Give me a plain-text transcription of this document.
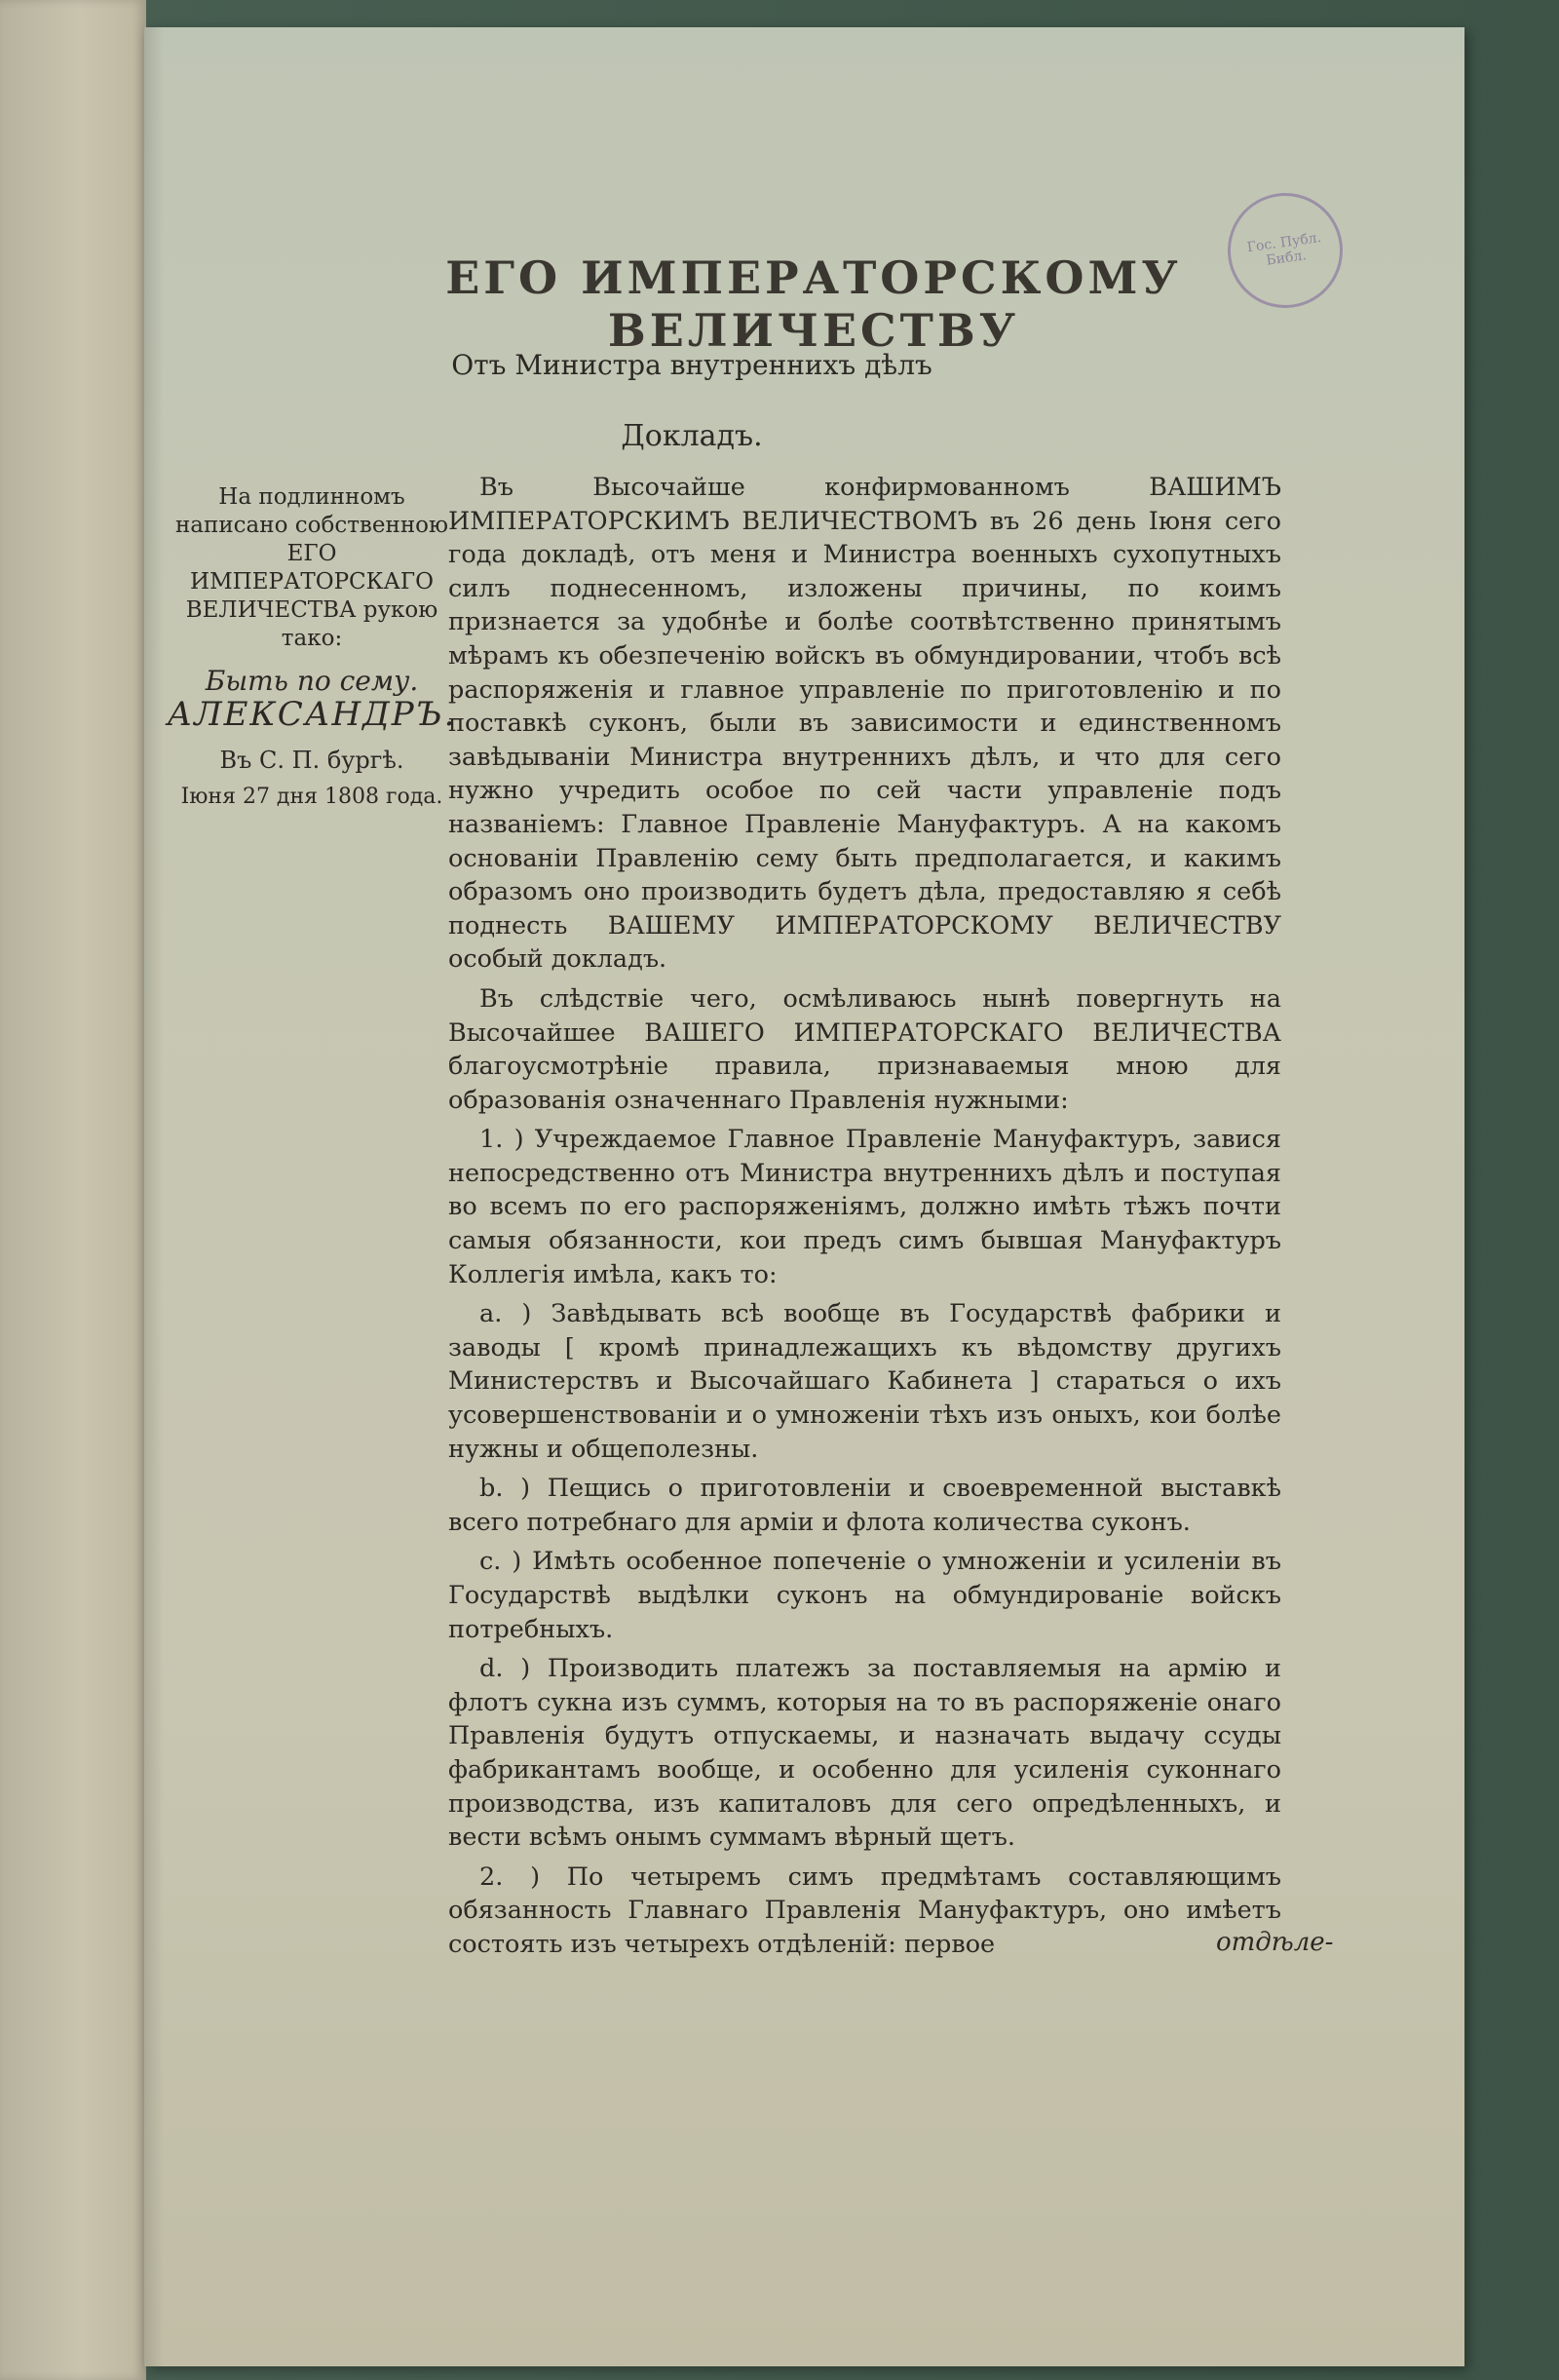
Гос. Публ. Библ.
ЕГО ИМПЕРАТОРСКОМУ ВЕЛИЧЕСТВУ
Отъ Министра внутреннихъ дѣлъ
Докладъ.
На подлинномъ написано собственною ЕГО ИМПЕРАТОРСКАГО ВЕЛИЧЕСТВА рукою тако:
Быть по сему.
АЛЕКСАНДРЪ.
Въ С. П. бургѣ.
Іюня 27 дня 1808 года.

Въ Высочайше конфирмованномъ ВАШИМЪ ИМПЕРАТОРСКИМЪ ВЕЛИЧЕСТВОМЪ въ 26 день Іюня сего года докладѣ, отъ меня и Министра военныхъ сухопутныхъ силъ поднесенномъ, изложены причины, по коимъ признается за удобнѣе и болѣе соотвѣтственно принятымъ мѣрамъ къ обезпеченію войскъ въ обмундировании, чтобъ всѣ распоряженія и главное управленіе по приготовленію и по поставкѣ суконъ, были въ зависимости и единственномъ завѣдываніи Министра внутреннихъ дѣлъ, и что для сего нужно учредить особое по сей части управленіе подъ названіемъ: Главное Правленіе Мануфактуръ. А на какомъ основаніи Правленію сему быть предполагается, и какимъ образомъ оно производить будетъ дѣла, предоставляю я себѣ поднесть ВАШЕМУ ИМПЕРАТОРСКОМУ ВЕЛИЧЕСТВУ особый докладъ.

Въ слѣдствіе чего, осмѣливаюсь нынѣ повергнуть на Высочайшее ВАШЕГО ИМПЕРАТОРСКАГО ВЕЛИЧЕСТВА благоусмотрѣніе правила, признаваемыя мною для образованія означеннаго Правленія нужными:

1. ) Учреждаемое Главное Правленіе Мануфактуръ, завися непосредственно отъ Министра внутреннихъ дѣлъ и поступая во всемъ по его распоряженіямъ, должно имѣть тѣжъ почти самыя обязанности, кои предъ симъ бывшая Мануфактуръ Коллегія имѣла, какъ то:

а. ) Завѣдывать всѣ вообще въ Государствѣ фабрики и заводы [ кромѣ принадлежащихъ къ вѣдомству другихъ Министерствъ и Высочайшаго Кабинета ] стараться о ихъ усовершенствованіи и о умноженіи тѣхъ изъ оныхъ, кои болѣе нужны и общеполезны.

b. ) Пещись о приготовленіи и своевременной выставкѣ всего потребнаго для арміи и флота количества суконъ.

с. ) Имѣть особенное попеченіе о умноженіи и усиленіи въ Государствѣ выдѣлки суконъ на обмундированіе войскъ потребныхъ.

d. ) Производить платежъ за поставляемыя на армію и флотъ сукна изъ суммъ, которыя на то въ распоряженіе онаго Правленія будутъ отпускаемы, и назначать выдачу ссуды фабрикантамъ вообще, и особенно для усиленія суконнаго производства, изъ капиталовъ для сего опредѣленныхъ, и вести всѣмъ онымъ суммамъ вѣрный щетъ.

2. ) По четыремъ симъ предмѣтамъ составляющимъ обязанность Главнаго Правленія Мануфактуръ, оно имѣетъ состоять изъ четырехъ отдѣленій: первое	отдѣле-
